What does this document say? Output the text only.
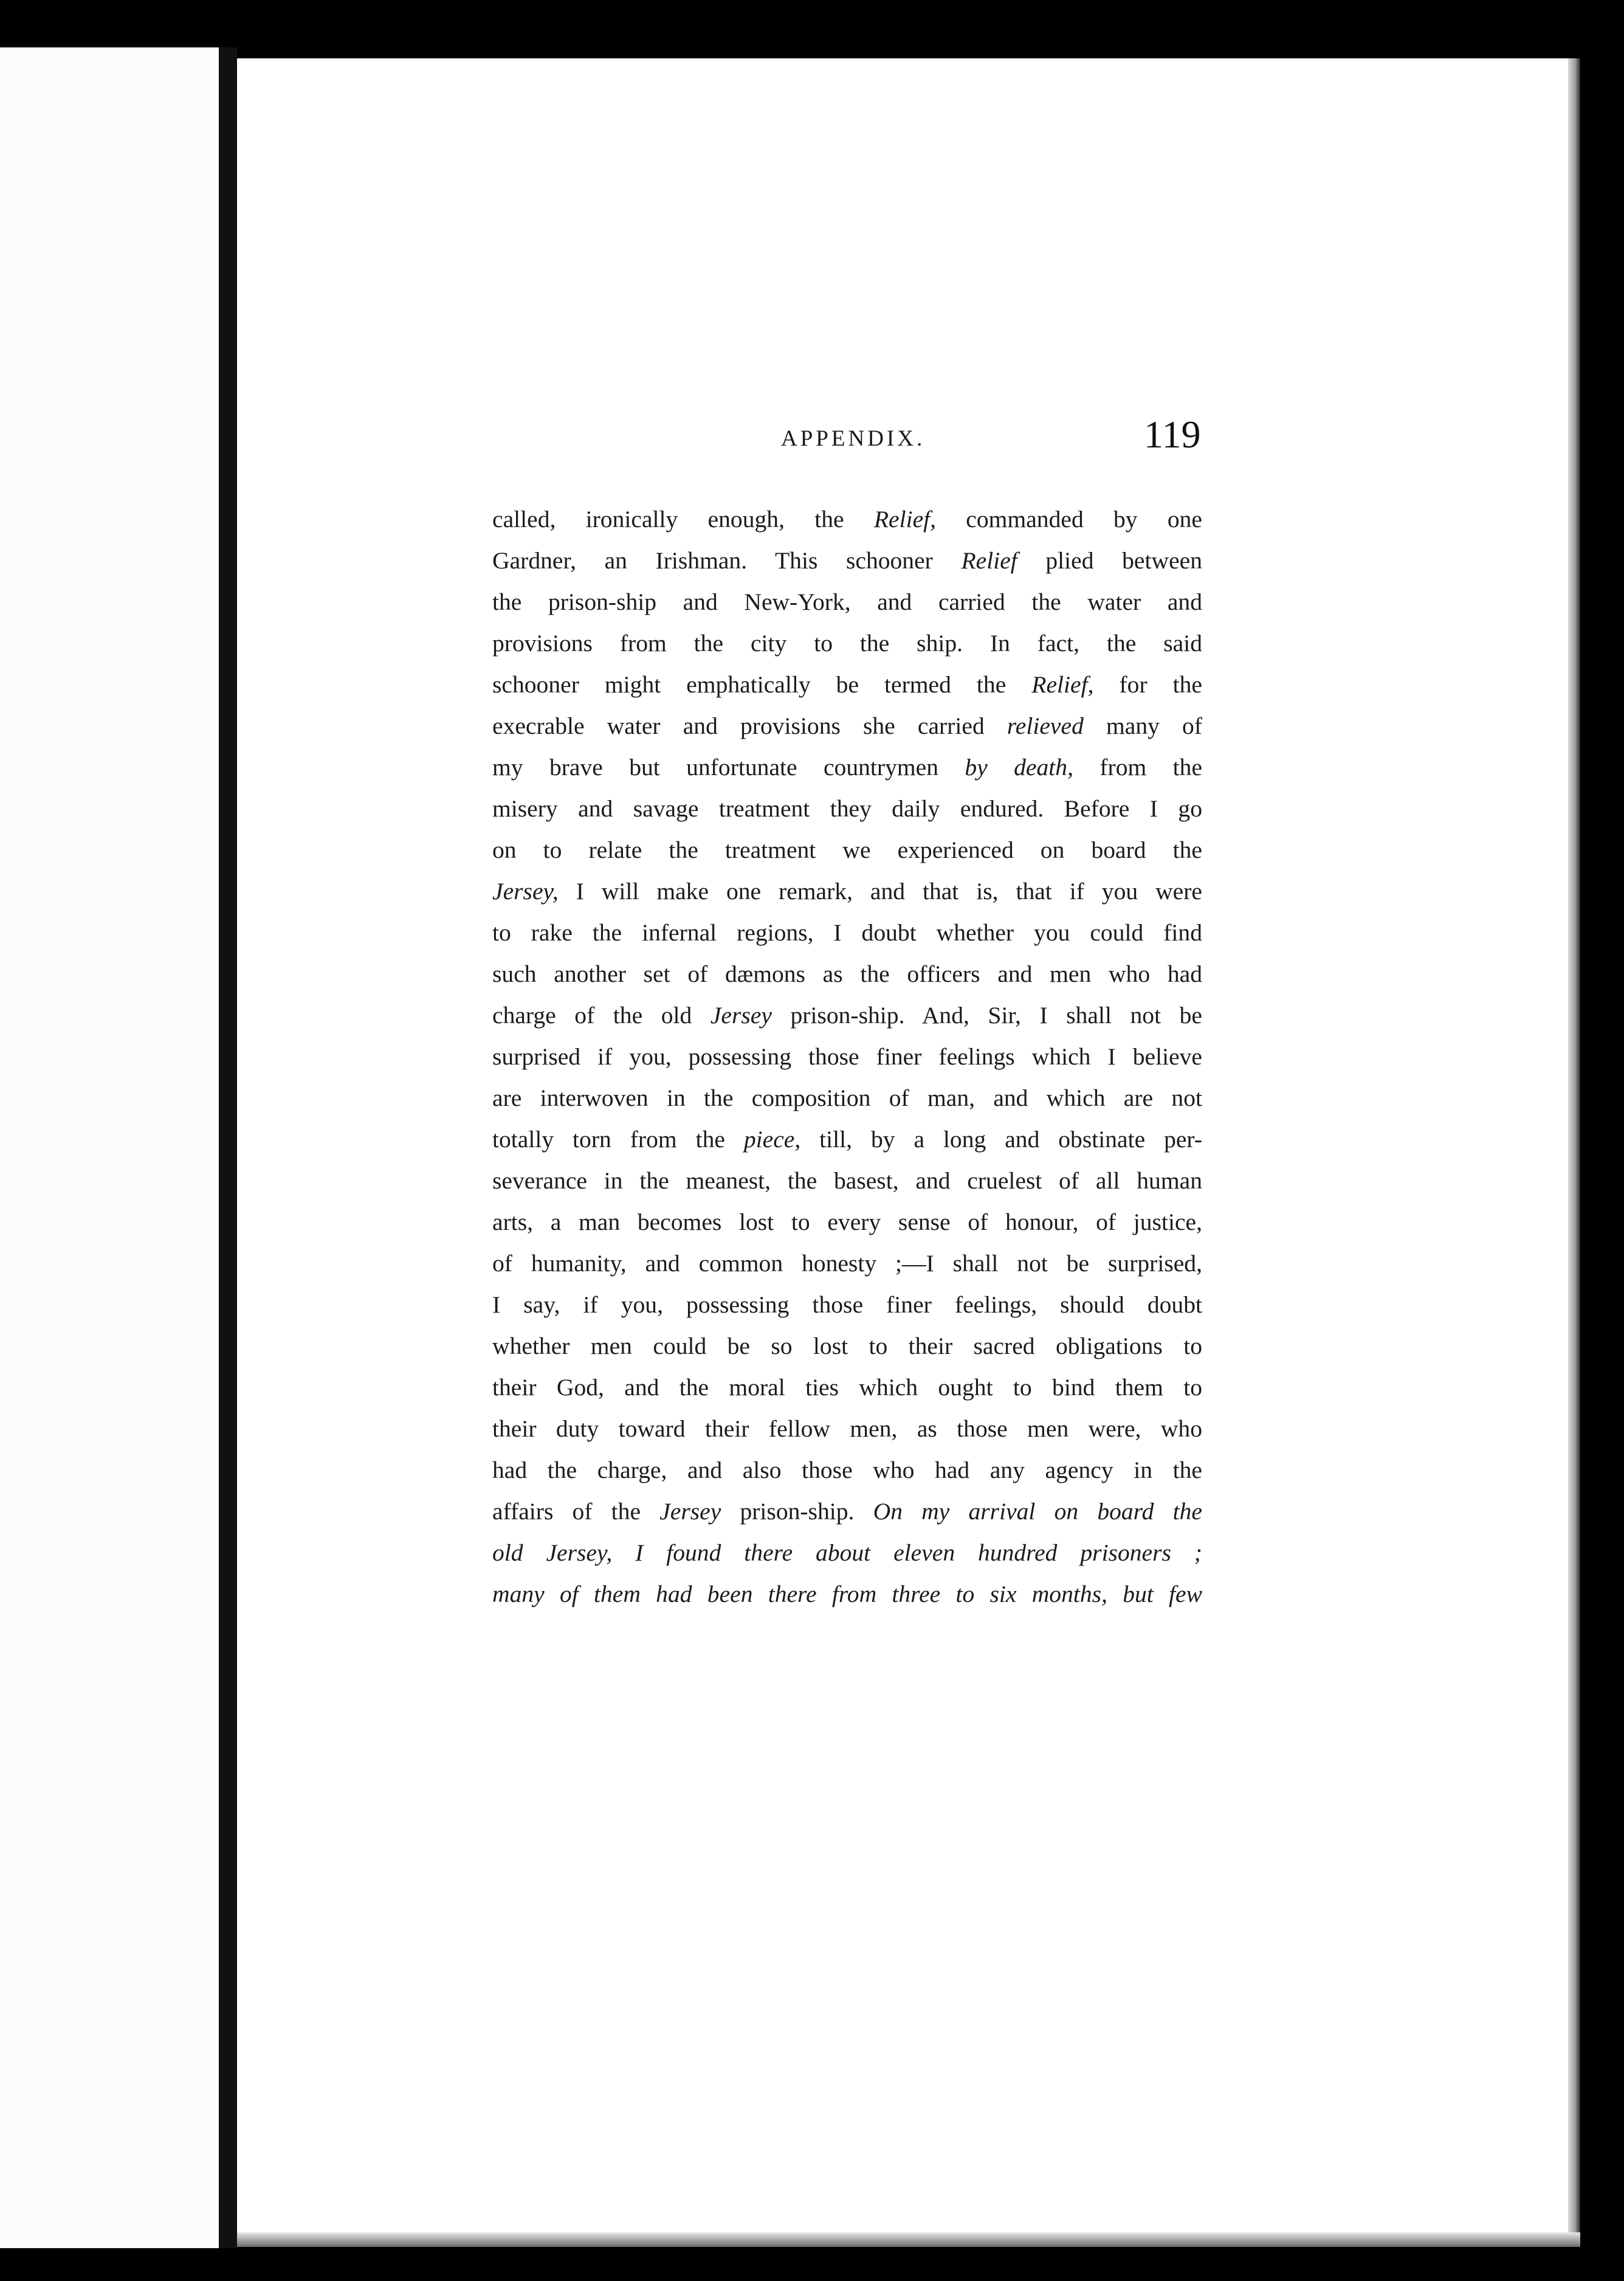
APPENDIX.	119
called, ironically enough, the Relief, commanded by one
Gardner, an Irishman. This schooner Relief plied between
the prison-ship and New-York, and carried the water and
provisions from the city to the ship. In fact, the said
schooner might emphatically be termed the Relief, for the
execrable water and provisions she carried relieved many of
my brave but unfortunate countrymen by death, from the
misery and savage treatment they daily endured. Before I go
on to relate the treatment we experienced on board the
Jersey, I will make one remark, and that is, that if you were
to rake the infernal regions, I doubt whether you could find
such another set of dæmons as the officers and men who had
charge of the old Jersey prison-ship. And, Sir, I shall not be
surprised if you, possessing those finer feelings which I believe
are interwoven in the composition of man, and which are not
totally torn from the piece, till, by a long and obstinate per-
severance in the meanest, the basest, and cruelest of all human
arts, a man becomes lost to every sense of honour, of justice,
of humanity, and common honesty ;—I shall not be surprised,
I say, if you, possessing those finer feelings, should doubt
whether men could be so lost to their sacred obligations to
their God, and the moral ties which ought to bind them to
their duty toward their fellow men, as those men were, who
had the charge, and also those who had any agency in the
affairs of the Jersey prison-ship. On my arrival on board the
old Jersey, I found there about eleven hundred prisoners ;
many of them had been there from three to six months, but few
